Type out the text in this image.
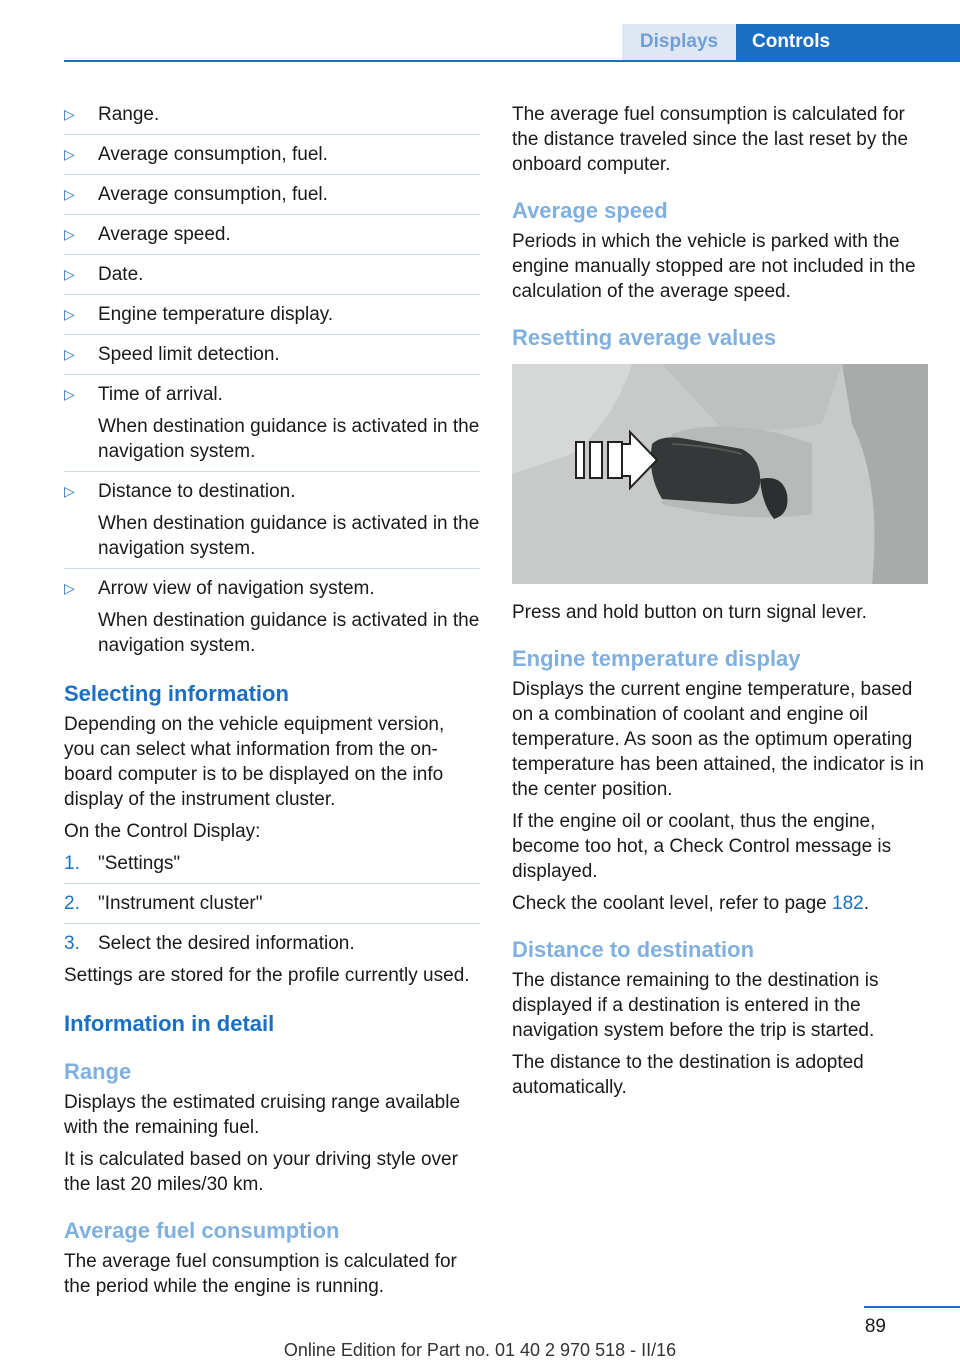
Displays	Controls
▷ Range.
▷ Average consumption, fuel.
▷ Average consumption, fuel.
▷ Average speed.
▷ Date.
▷ Engine temperature display.
▷ Speed limit detection.
▷ Time of arrival.
When destination guidance is activated in the navigation system.
▷ Distance to destination.
When destination guidance is activated in the navigation system.
▷ Arrow view of navigation system.
When destination guidance is activated in the navigation system.
Selecting information

Depending on the vehicle equipment version, you can select what information from the on-board computer is to be displayed on the info display of the instrument cluster.

On the Control Display:

1. "Settings"
2. "Instrument cluster"
3. Select the desired information.

Settings are stored for the profile currently used.

Information in detail
Range

Displays the estimated cruising range available with the remaining fuel.

It is calculated based on your driving style over the last 20 miles/30 km.

Average fuel consumption

The average fuel consumption is calculated for the period while the engine is running.

The average fuel consumption is calculated for the distance traveled since the last reset by the onboard computer.

Average speed

Periods in which the vehicle is parked with the engine manually stopped are not included in the calculation of the average speed.

Resetting average values

Press and hold button on turn signal lever.

Engine temperature display

Displays the current engine temperature, based on a combination of coolant and engine oil temperature. As soon as the optimum operating temperature has been attained, the indicator is in the center position.

If the engine oil or coolant, thus the engine, become too hot, a Check Control message is displayed.

Check the coolant level, refer to page 182.

Distance to destination

The distance remaining to the destination is displayed if a destination is entered in the navigation system before the trip is started.

The distance to the destination is adopted automatically.

89
Online Edition for Part no. 01 40 2 970 518 - II/16
